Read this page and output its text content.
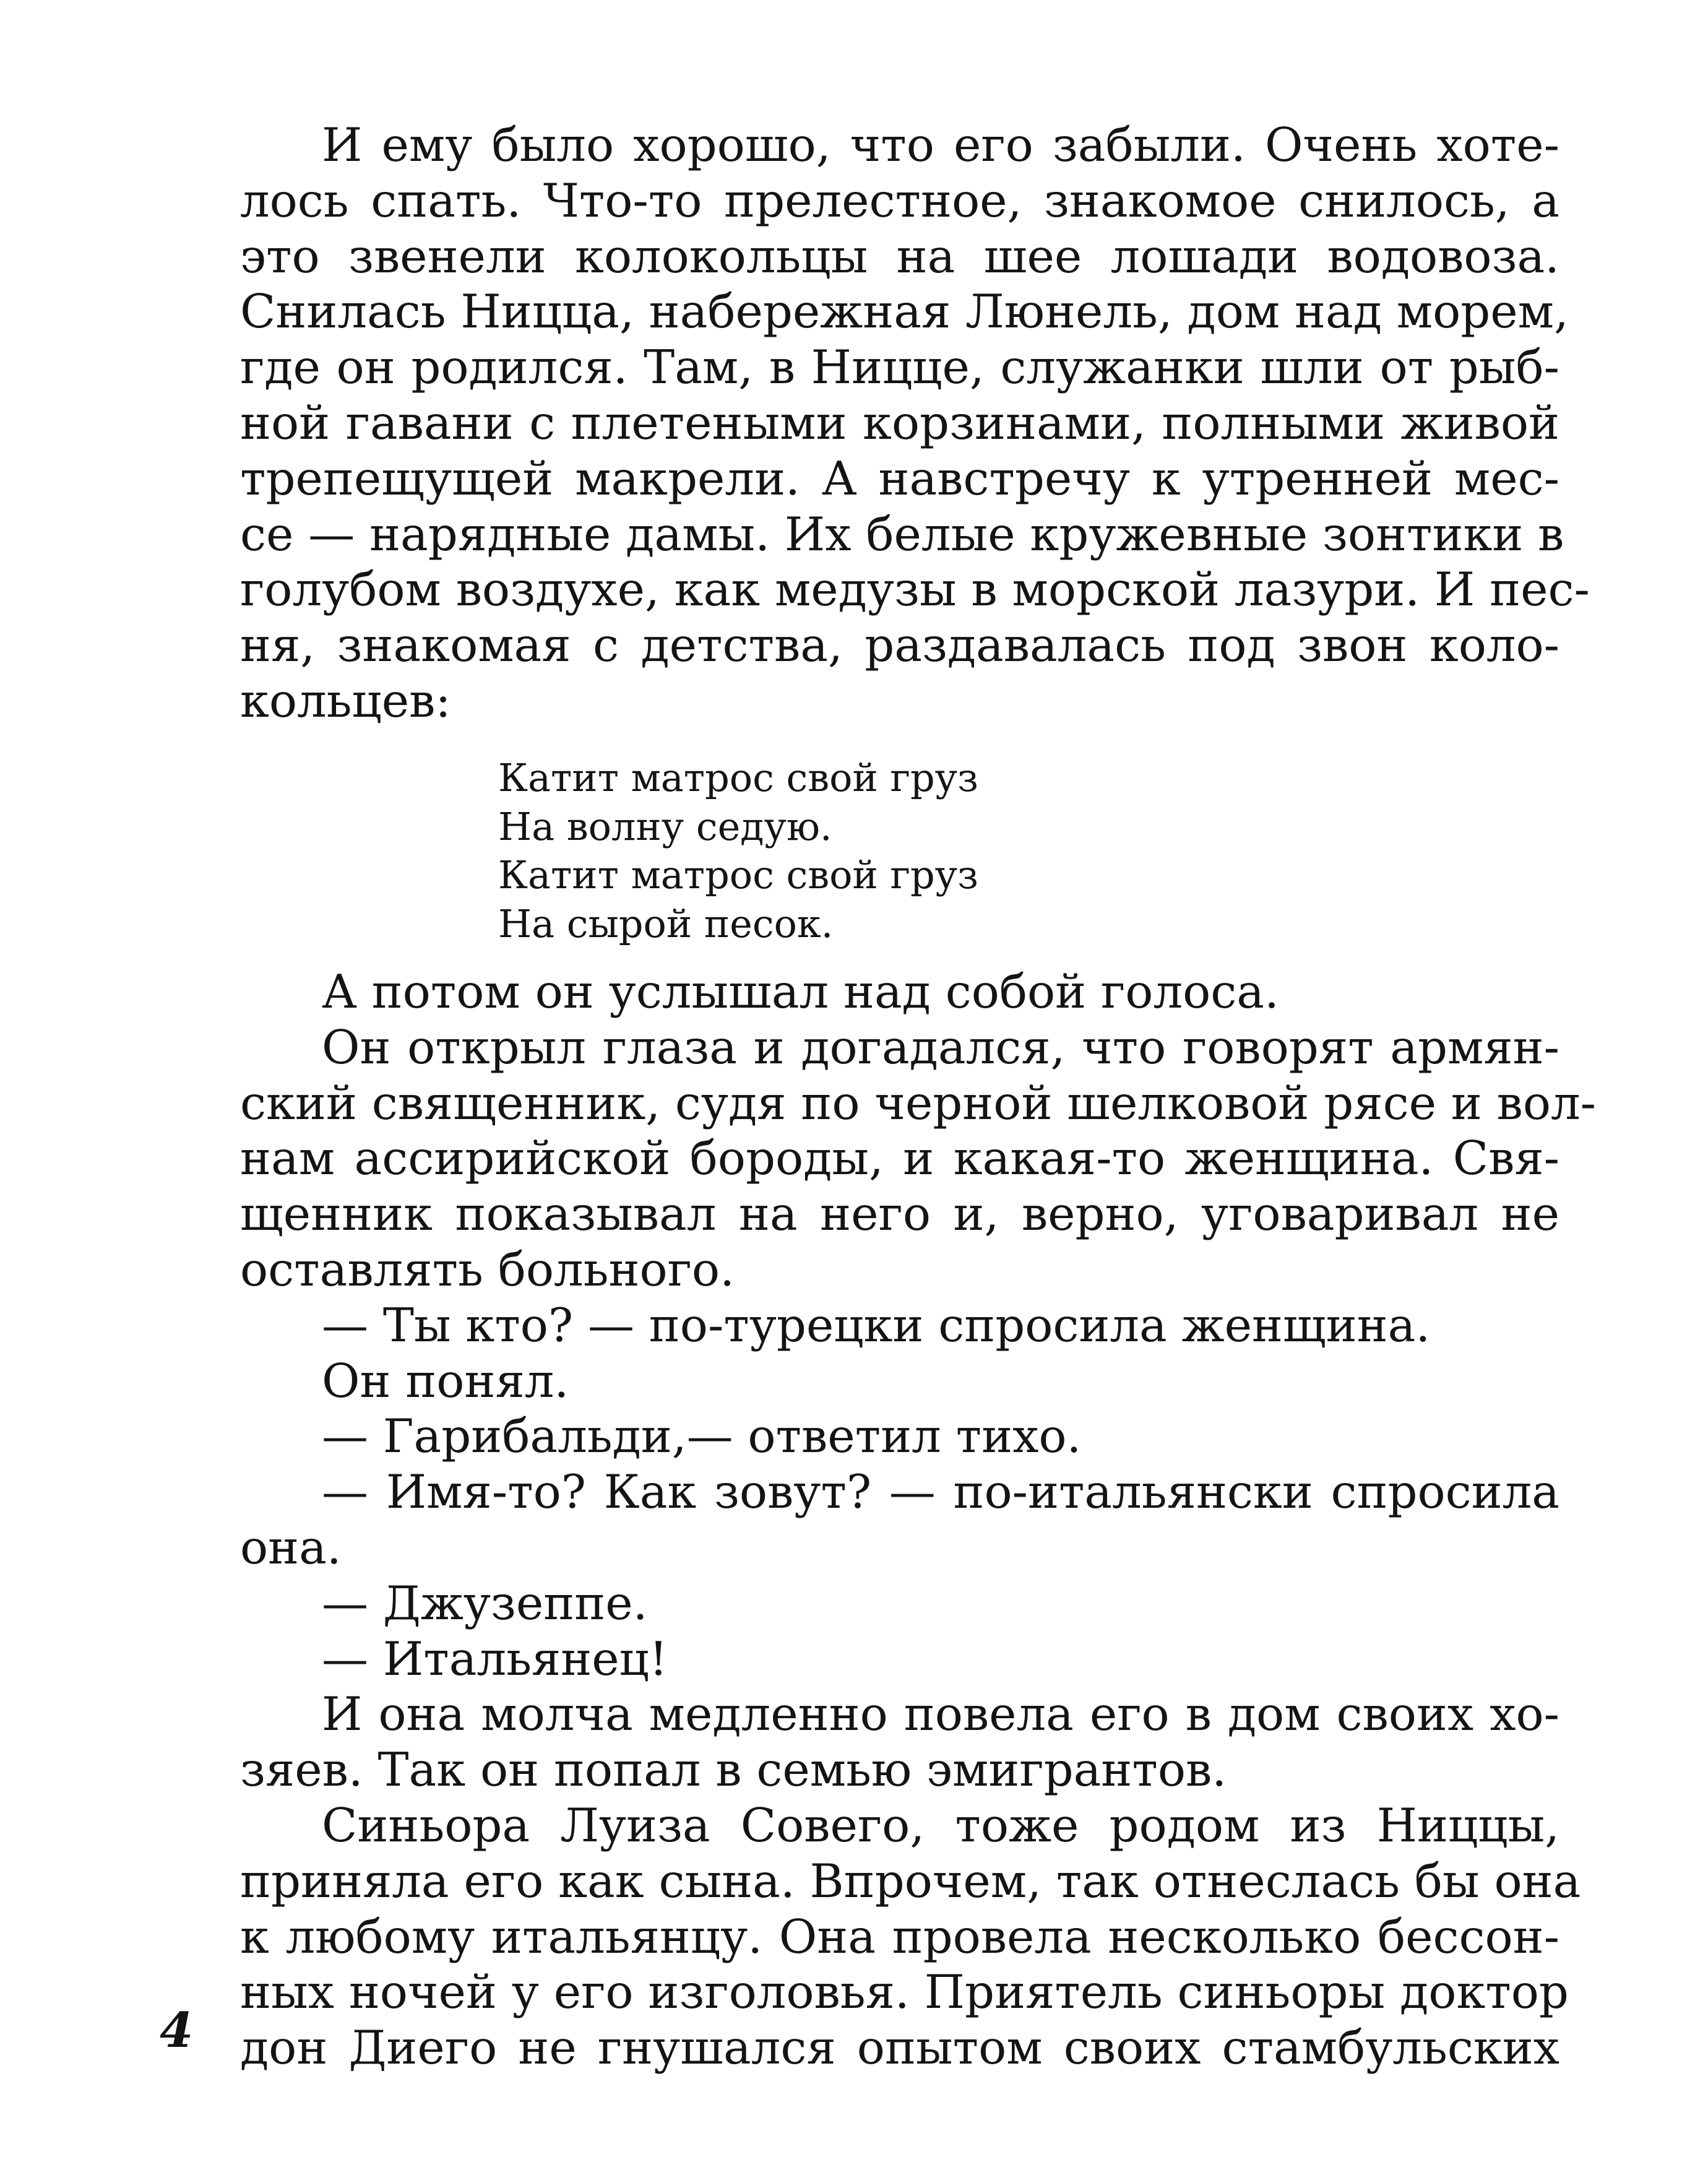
И ему было хорошо, что его забыли. Очень хоте-
лось спать. Что-то прелестное, знакомое снилось, а
это звенели колокольцы на шее лошади водовоза.
Снилась Ницца, набережная Люнель, дом над морем,
где он родился. Там, в Ницце, служанки шли от рыб-
ной гавани с плетеными корзинами, полными живой
трепещущей макрели. А навстречу к утренней мес-
се — нарядные дамы. Их белые кружевные зонтики в
голубом воздухе, как медузы в морской лазури. И пес-
ня, знакомая с детства, раздавалась под звон коло-
кольцев:
Катит матрос свой груз
На волну седую.
Катит матрос свой груз
На сырой песок.
А потом он услышал над собой голоса.
Он открыл глаза и догадался, что говорят армян-
ский священник, судя по черной шелковой рясе и вол-
нам ассирийской бороды, и какая-то женщина. Свя-
щенник показывал на него и, верно, уговаривал не
оставлять больного.
— Ты кто? — по-турецки спросила женщина.
Он понял.
— Гарибальди,— ответил тихо.
— Имя-то? Как зовут? — по-итальянски спросила
она.
— Джузеппе.
— Итальянец!
И она молча медленно повела его в дом своих хо-
зяев. Так он попал в семью эмигрантов.
Синьора Луиза Совего, тоже родом из Ниццы,
приняла его как сына. Впрочем, так отнеслась бы она
к любому итальянцу. Она провела несколько бессон-
ных ночей у его изголовья. Приятель синьоры доктор
дон Диего не гнушался опытом своих стамбульских
4
